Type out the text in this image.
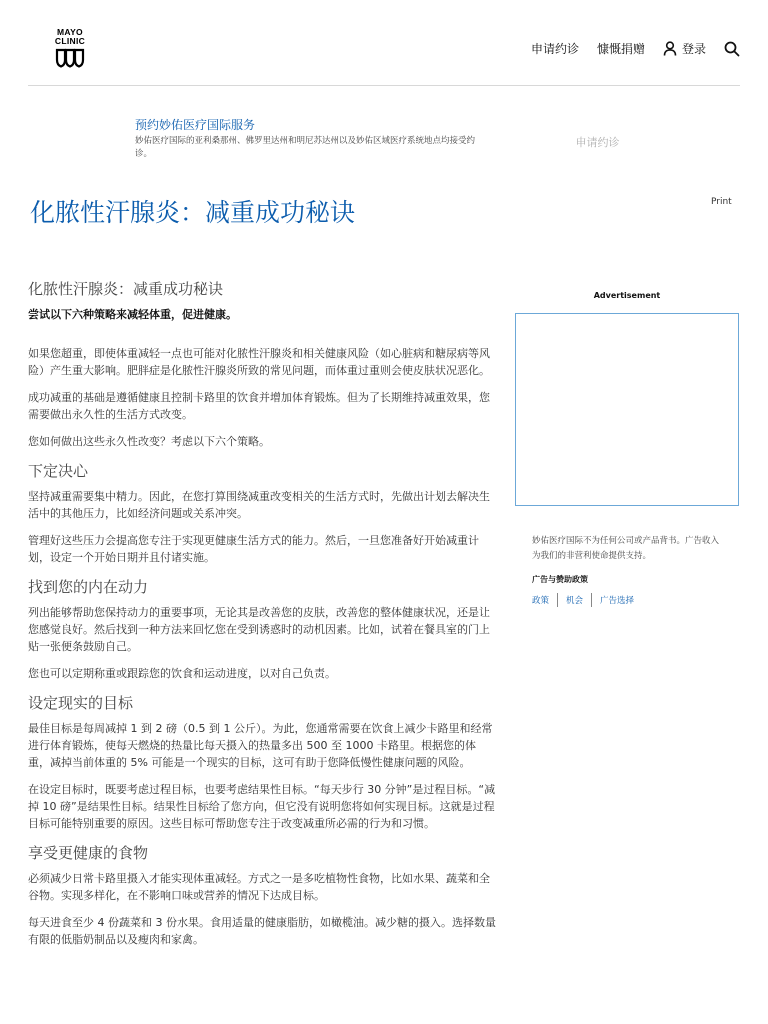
MAYO
CLINIC
申请约诊 慷慨捐赠	登录
预约妙佑医疗国际服务
妙佑医疗国际的亚利桑那州、佛罗里达州和明尼苏达州以及妙佑区域医疗系统地点均接受约诊。
申请约诊
化脓性汗腺炎：减重成功秘诀	Print
化脓性汗腺炎：减重成功秘诀
尝试以下六种策略来减轻体重，促进健康。

如果您超重，即使体重减轻一点也可能对化脓性汗腺炎和相关健康风险（如心脏病和糖尿病等风险）产生重大影响。肥胖症是化脓性汗腺炎所致的常见问题，而体重过重则会使皮肤状况恶化。

成功减重的基础是遵循健康且控制卡路里的饮食并增加体育锻炼。但为了长期维持减重效果，您需要做出永久性的生活方式改变。

您如何做出这些永久性改变？考虑以下六个策略。

下定决心

坚持减重需要集中精力。因此，在您打算围绕减重改变相关的生活方式时，先做出计划去解决生活中的其他压力，比如经济问题或关系冲突。

管理好这些压力会提高您专注于实现更健康生活方式的能力。然后，一旦您准备好开始减重计划，设定一个开始日期并且付诸实施。

找到您的内在动力

列出能够帮助您保持动力的重要事项，无论其是改善您的皮肤，改善您的整体健康状况，还是让您感觉良好。然后找到一种方法来回忆您在受到诱惑时的动机因素。比如，试着在餐具室的门上贴一张便条鼓励自己。

您也可以定期称重或跟踪您的饮食和运动进度，以对自己负责。

设定现实的目标

最佳目标是每周减掉 1 到 2 磅（0.5 到 1 公斤）。为此，您通常需要在饮食上减少卡路里和经常进行体育锻炼，使每天燃烧的热量比每天摄入的热量多出 500 至 1000 卡路里。根据您的体重，减掉当前体重的 5% 可能是一个现实的目标，这可有助于您降低慢性健康问题的风险。

在设定目标时，既要考虑过程目标，也要考虑结果性目标。“每天步行 30 分钟”是过程目标。“减掉 10 磅”是结果性目标。结果性目标给了您方向，但它没有说明您将如何实现目标。这就是过程目标可能特别重要的原因。这些目标可帮助您专注于改变减重所必需的行为和习惯。

享受更健康的食物

必须减少日常卡路里摄入才能实现体重减轻。方式之一是多吃植物性食物，比如水果、蔬菜和全谷物。实现多样化，在不影响口味或营养的情况下达成目标。

每天进食至少 4 份蔬菜和 3 份水果。食用适量的健康脂肪，如橄榄油。减少糖的摄入。选择数量有限的低脂奶制品以及瘦肉和家禽。

Advertisement
妙佑医疗国际不为任何公司或产品背书。广告收入为我们的非营利使命提供支持。
广告与赞助政策
政策 机会 广告选择
